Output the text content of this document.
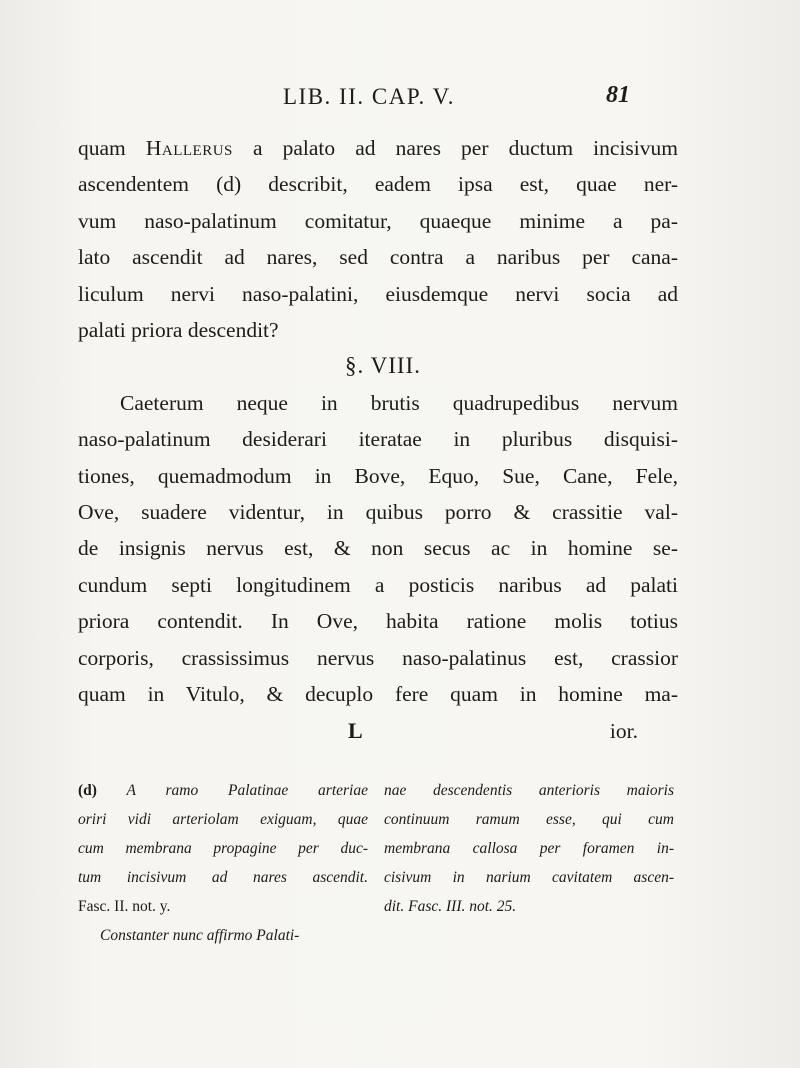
LIB. II. CAP. V.	81
quam Hallerus a palato ad nares per ductum incisivum
ascendentem (d) describit, eadem ipsa est, quae ner-
vum naso-palatinum comitatur, quaeque minime a pa-
lato ascendit ad nares, sed contra a naribus per cana-
liculum nervi naso-palatini, eiusdemque nervi socia ad
palati priora descendit?
§. VIII.
Caeterum neque in brutis quadrupedibus nervum
naso-palatinum desiderari iteratae in pluribus disquisi-
tiones, quemadmodum in Bove, Equo, Sue, Cane, Fele,
Ove, suadere videntur, in quibus porro & crassitie val-
de insignis nervus est, & non secus ac in homine se-
cundum septi longitudinem a posticis naribus ad palati
priora contendit. In Ove, habita ratione molis totius
corporis, crassissimus nervus naso-palatinus est, crassior
quam in Vitulo, & decuplo fere quam in homine ma-
L	ior.
(d) A ramo Palatinae arteriae
oriri vidi arteriolam exiguam, quae
cum membrana propagine per duc-
tum incisivum ad nares ascendit.
Fasc. II. not. y.
Constanter nunc affirmo Palati-
nae descendentis anterioris maioris
continuum ramum esse, qui cum
membrana callosa per foramen in-
cisivum in narium cavitatem ascen-
dit. Fasc. III. not. 25.
